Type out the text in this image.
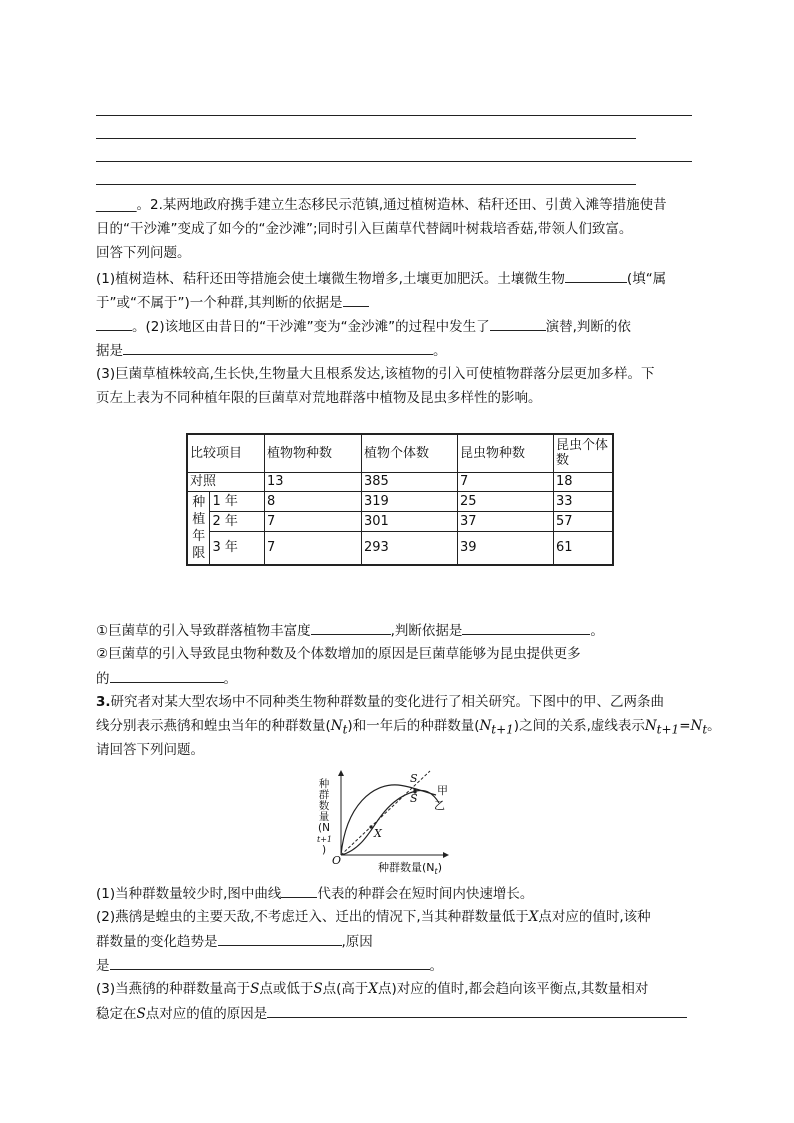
______。2.某两地政府携手建立生态移民示范镇,通过植树造林、秸秆还田、引黄入滩等措施使昔
日的“干沙滩”变成了如今的“金沙滩”;同时引入巨菌草代替阔叶树栽培香菇,带领人们致富。
回答下列问题。
(1)植树造林、秸秆还田等措施会使土壤微生物增多,土壤更加肥沃。土壤微生物	(填“属
于”或“不属于”)一个种群,其判断的依据是
。(2)该地区由昔日的“干沙滩”变为“金沙滩”的过程中发生了	演替,判断的依
据是	。
(3)巨菌草植株较高,生长快,生物量大且根系发达,该植物的引入可使植物群落分层更加多样。下
页左上表为不同种植年限的巨菌草对荒地群落中植物及昆虫多样性的影响。
比较项目		植物物种数	植物个体数	昆虫物种数	昆虫个体数
对照		13	385	7	18
种植年限	1 年	8	319	25	33
	2 年	7	301	37	57
	3 年	7	293	39	61
①巨菌草的引入导致群落植物丰富度	,判断依据是	。
②巨菌草的引入导致昆虫物种数及个体数增加的原因是巨菌草能够为昆虫提供更多
的	。
3.研究者对某大型农场中不同种类生物种群数量的变化进行了相关研究。下图中的甲、乙两条曲
线分别表示燕鸻和蝗虫当年的种群数量$(N_t)$和一年后的种群数量$(N_{t+1})$之间的关系,虚线表示$N_{t+1}=N_t$。
请回答下列问题。
种群数量(N
t+1
)
种群数量$(N_t)$
O
S
S
X
甲
乙
(1)当种群数量较少时,图中曲线	代表的种群会在短时间内快速增长。
(2)燕鸻是蝗虫的主要天敌,不考虑迁入、迁出的情况下,当其种群数量低于X点对应的值时,该种
群数量的变化趋势是	,原因
是	。
(3)当燕鸻的种群数量高于S点或低于S点(高于X点)对应的值时,都会趋向该平衡点,其数量相对
稳定在S点对应的值的原因是
